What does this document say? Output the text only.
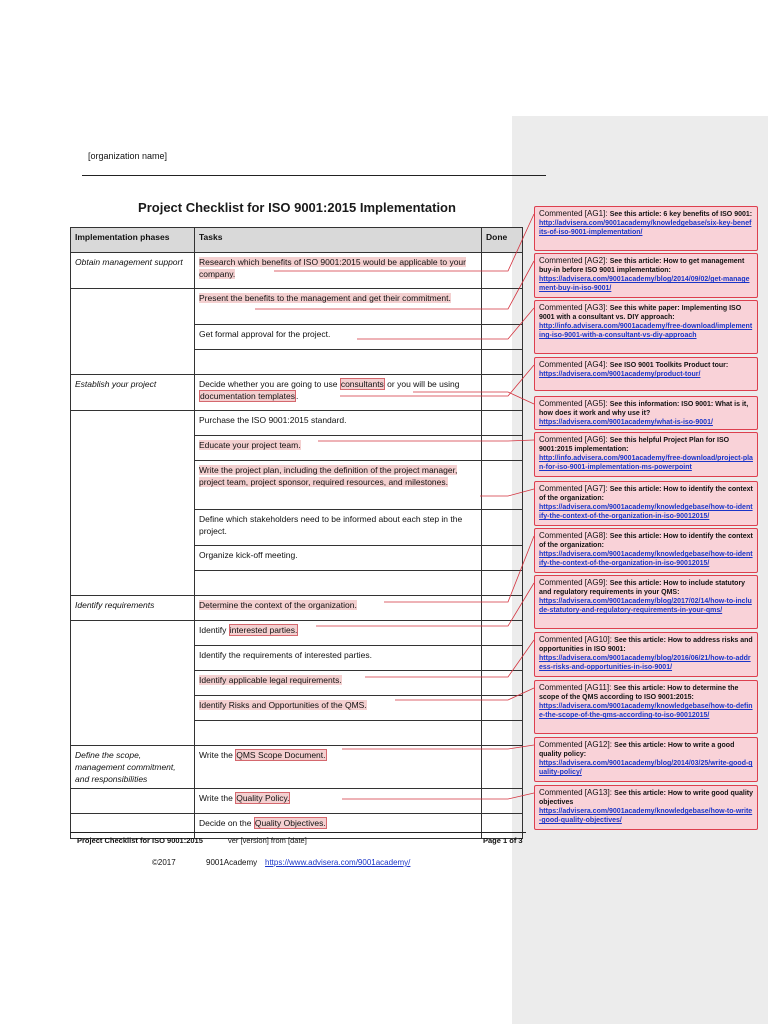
[organization name]
Project Checklist for ISO 9001:2015 Implementation
Implementation phases	Tasks	Done
Obtain management support	Research which benefits of ISO 9001:2015 would be applicable to your company.	
	Present the benefits to the management and get their commitment.	
	Get formal approval for the project.	

Establish your project	Decide whether you are going to use consultants or you will be using documentation templates.	
	Purchase the ISO 9001:2015 standard.	
	Educate your project team.	
	Write the project plan, including the definition of the project manager, project team, project sponsor, required resources, and milestones.	
	Define which stakeholders need to be informed about each step in the project.	
	Organize kick-off meeting.	

Identify requirements	Determine the context of the organization.	
	Identify interested parties.	
	Identify the requirements of interested parties.	
	Identify applicable legal requirements.	
	Identify Risks and Opportunities of the QMS.	

Define the scope, management commitment, and responsibilities	Write the QMS Scope Document.	
	Write the Quality Policy.	
	Decide on the Quality Objectives.	
Project Checklist for ISO 9001:2015	ver [version] from [date]	Page 1 of 3
©2017	9001Academy https://www.advisera.com/9001academy/
Commented [AG1]: See this article: 6 key benefits of ISO 9001:
http://advisera.com/9001academy/knowledgebase/six-key-benefits-of-iso-9001-implementation/
Commented [AG2]: See this article: How to get management buy-in before ISO 9001 implementation:
https://advisera.com/9001academy/blog/2014/09/02/get-management-buy-in-iso-9001/
Commented [AG3]: See this white paper: Implementing ISO 9001 with a consultant vs. DIY approach:
http://info.advisera.com/9001academy/free-download/implementing-iso-9001-with-a-consultant-vs-diy-approach
Commented [AG4]: See ISO 9001 Toolkits Product tour:
https://advisera.com/9001academy/product-tour/
Commented [AG5]: See this information: ISO 9001: What is it, how does it work and why use it?
https://advisera.com/9001academy/what-is-iso-9001/
Commented [AG6]: See this helpful Project Plan for ISO 9001:2015 implementation:
http://info.advisera.com/9001academy/free-download/project-plan-for-iso-9001-implementation-ms-powerpoint
Commented [AG7]: See this article: How to identify the context of the organization:
https://advisera.com/9001academy/knowledgebase/how-to-identify-the-context-of-the-organization-in-iso-90012015/
Commented [AG8]: See this article: How to identify the context of the organization:
https://advisera.com/9001academy/knowledgebase/how-to-identify-the-context-of-the-organization-in-iso-90012015/
Commented [AG9]: See this article: How to include statutory and regulatory requirements in your QMS:
https://advisera.com/9001academy/blog/2017/02/14/how-to-include-statutory-and-regulatory-requirements-in-your-qms/
Commented [AG10]: See this article: How to address risks and opportunities in ISO 9001:
https://advisera.com/9001academy/blog/2016/06/21/how-to-address-risks-and-opportunities-in-iso-9001/
Commented [AG11]: See this article: How to determine the scope of the QMS according to ISO 9001:2015:
https://advisera.com/9001academy/knowledgebase/how-to-define-the-scope-of-the-qms-according-to-iso-90012015/
Commented [AG12]: See this article: How to write a good quality policy:
https://advisera.com/9001academy/blog/2014/03/25/write-good-quality-policy/
Commented [AG13]: See this article: How to write good quality objectives
https://advisera.com/9001academy/knowledgebase/how-to-write-good-quality-objectives/
